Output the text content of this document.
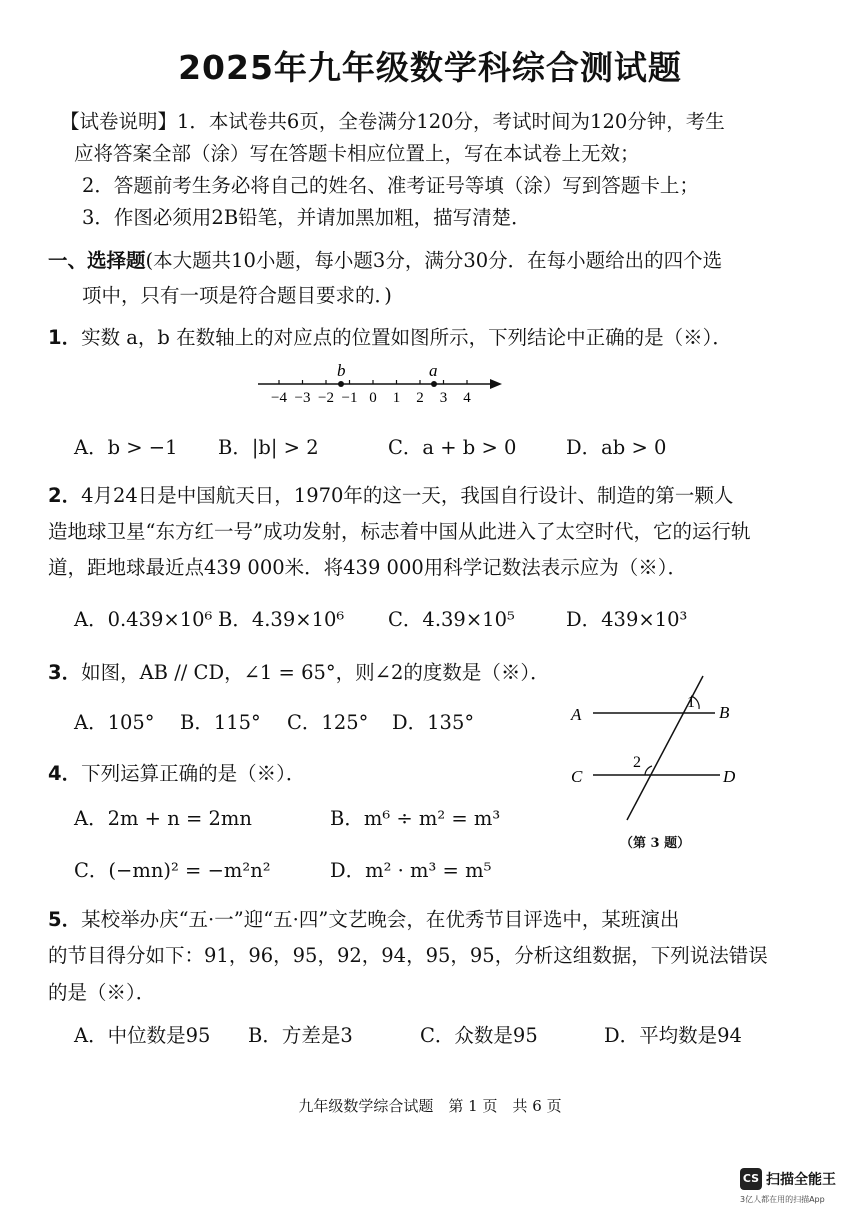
2025年九年级数学科综合测试题
【试卷说明】1．本试卷共6页，全卷满分120分，考试时间为120分钟，考生
应将答案全部（涂）写在答题卡相应位置上，写在本试卷上无效；
2．答题前考生务必将自己的姓名、准考证号等填（涂）写到答题卡上；
3．作图必须用2B铅笔，并请加黑加粗，描写清楚．
一、选择题(本大题共10小题，每小题3分，满分30分．在每小题给出的四个选
项中，只有一项是符合题目要求的．)
1．实数 a，b 在数轴上的对应点的位置如图所示，下列结论中正确的是（※）．
−4 −3 −2 −1 0 1 2 3 4
b	a
A．b > −1 B．|b| > 2	C．a + b > 0	D．ab > 0
2．4月24日是中国航天日，1970年的这一天，我国自行设计、制造的第一颗人
造地球卫星“东方红一号”成功发射，标志着中国从此进入了太空时代，它的运行轨
道，距地球最近点439 000米．将439 000用科学记数法表示应为（※）．
A．0.439×10⁶ B．4.39×10⁶ C．4.39×10⁵	D．439×10³
3．如图，AB // CD，∠1 = 65°，则∠2的度数是（※）．
A．105° B．115° C．125° D．135°	A	B
C	D
1
2
（第 3 题）
4．下列运算正确的是（※）．
A．2m + n = 2mn	B．m⁶ ÷ m² = m³
C．(−mn)² = −m²n²	D．m² · m³ = m⁵
5．某校举办庆“五·一”迎“五·四”文艺晚会，在优秀节目评选中，某班演出
的节目得分如下：91，96，95，92，94，95，95，分析这组数据，下列说法错误
的是（※）．
A．中位数是95 B．方差是3	C．众数是95	D．平均数是94
九年级数学综合试题　第 1 页　共 6 页
CS 扫描全能王
3亿人都在用的扫描App
